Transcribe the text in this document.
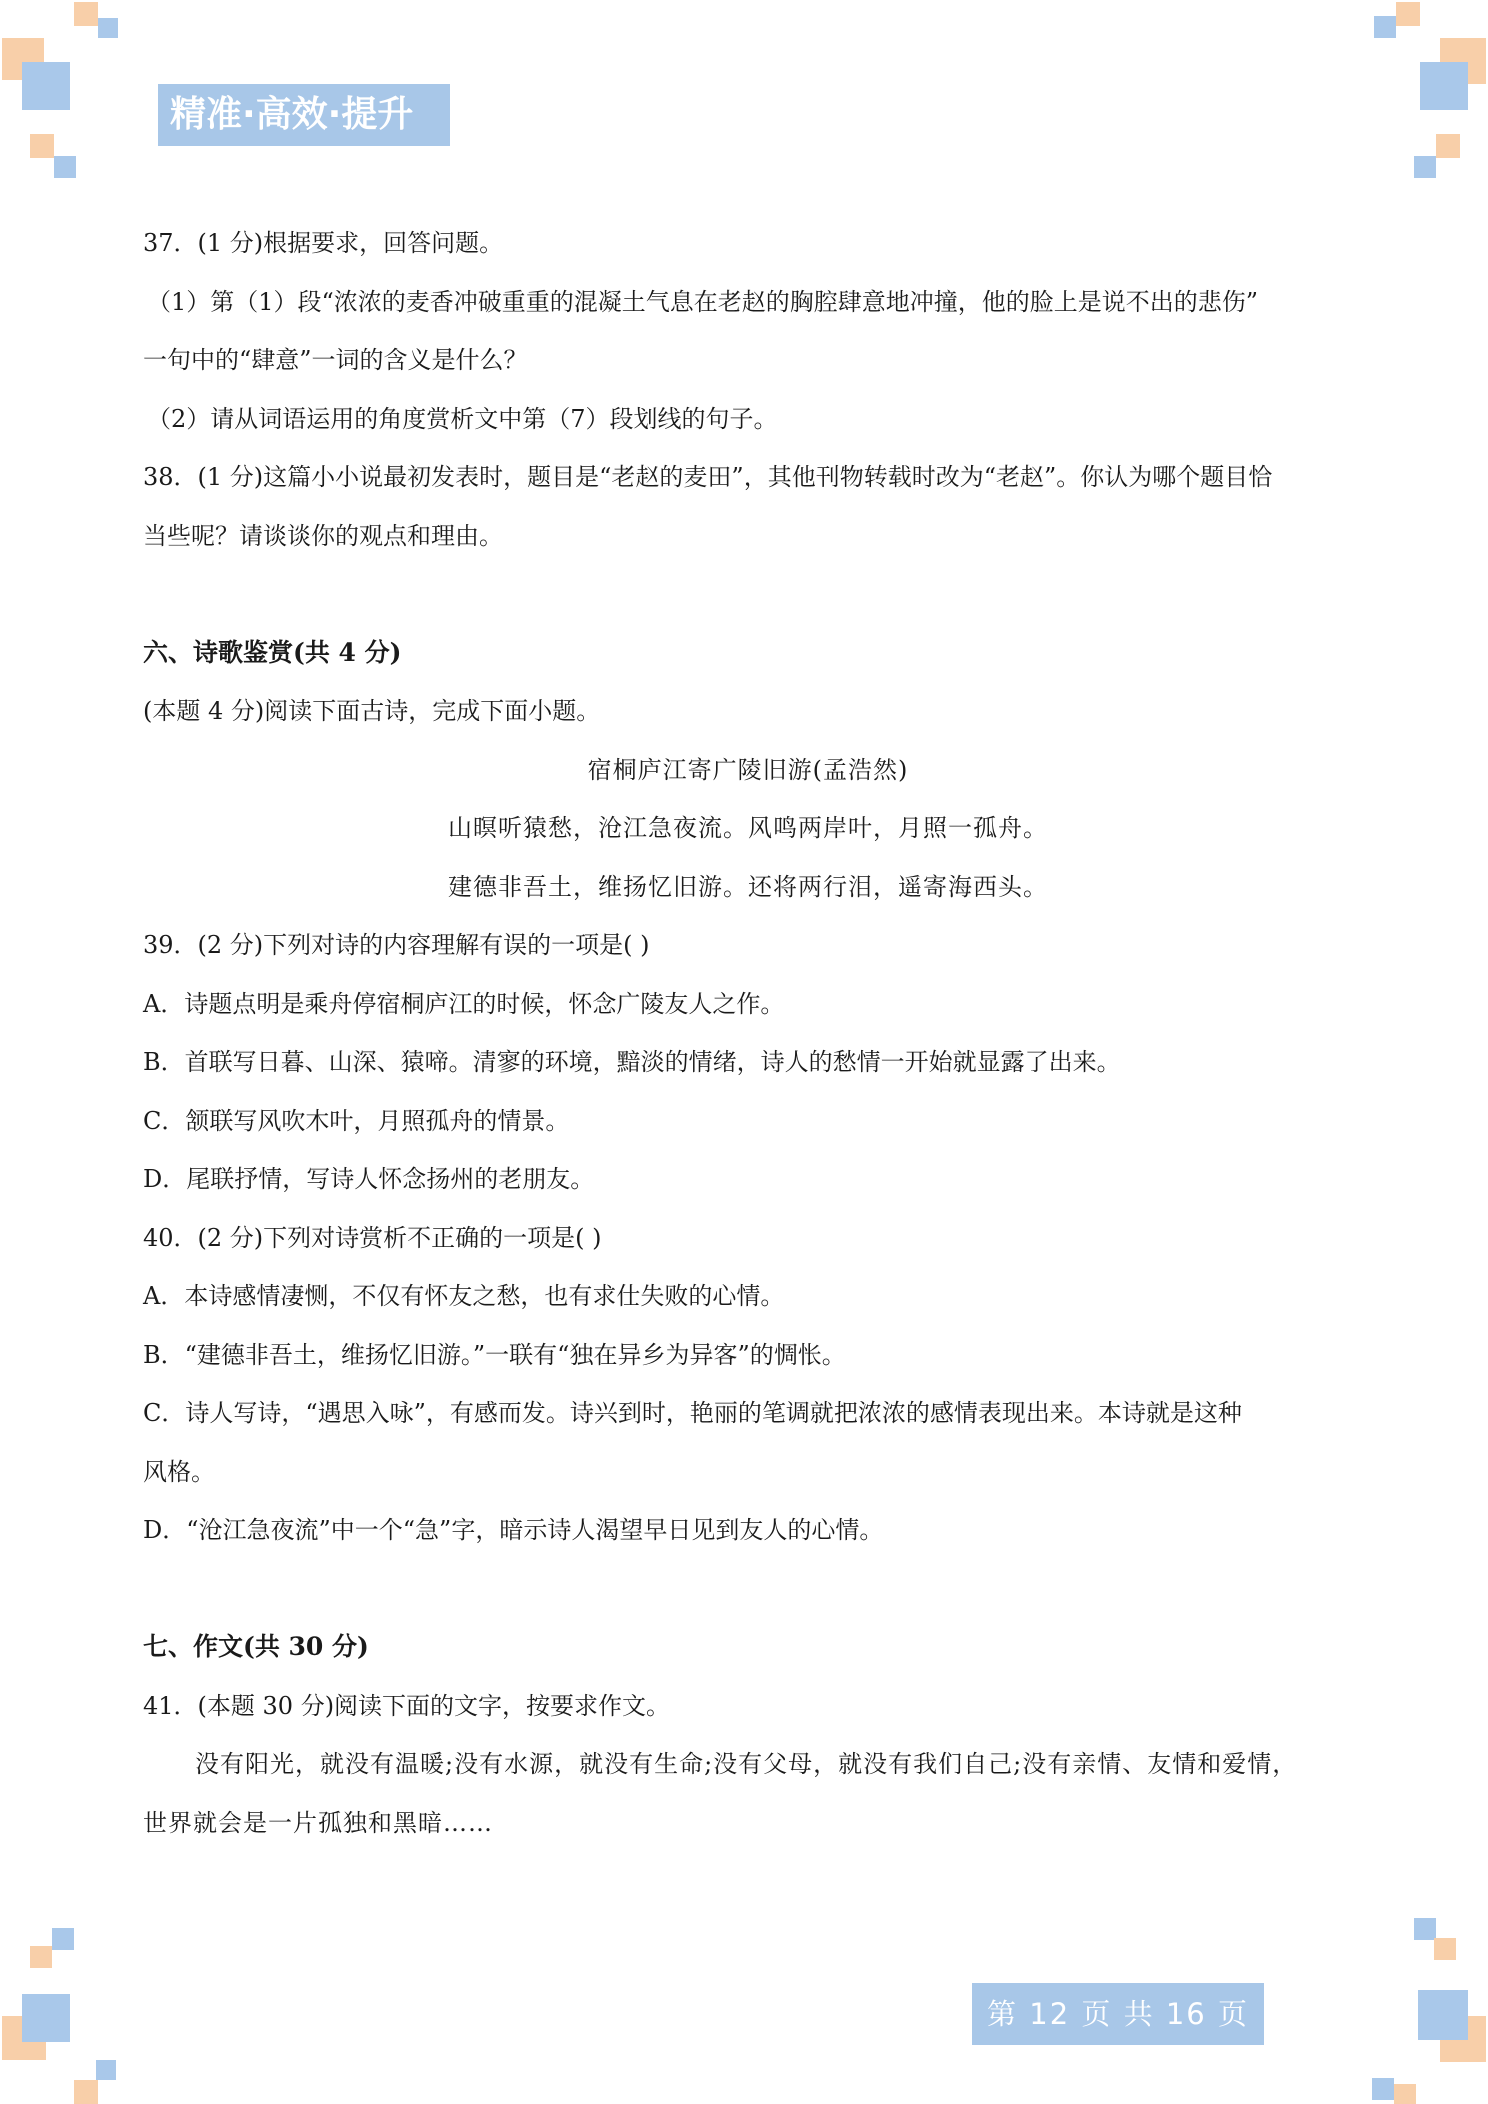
精准·高效·提升
37．(1 分)根据要求，回答问题。
（1）第（1）段“浓浓的麦香冲破重重的混凝土气息在老赵的胸腔肆意地冲撞，他的脸上是说不出的悲伤”
一句中的“肆意”一词的含义是什么？
（2）请从词语运用的角度赏析文中第（7）段划线的句子。
38．(1 分)这篇小小说最初发表时，题目是“老赵的麦田”，其他刊物转载时改为“老赵”。你认为哪个题目恰
当些呢？请谈谈你的观点和理由。
六、诗歌鉴赏(共 4 分)
(本题 4 分)阅读下面古诗，完成下面小题。
宿桐庐江寄广陵旧游(孟浩然)
山暝听猿愁，沧江急夜流。风鸣两岸叶，月照一孤舟。
建德非吾土，维扬忆旧游。还将两行泪，遥寄海西头。
39．(2 分)下列对诗的内容理解有误的一项是( )
A．诗题点明是乘舟停宿桐庐江的时候，怀念广陵友人之作。
B．首联写日暮、山深、猿啼。清寥的环境，黯淡的情绪，诗人的愁情一开始就显露了出来。
C．颔联写风吹木叶，月照孤舟的情景。
D．尾联抒情，写诗人怀念扬州的老朋友。
40．(2 分)下列对诗赏析不正确的一项是( )
A．本诗感情凄恻，不仅有怀友之愁，也有求仕失败的心情。
B．“建德非吾土，维扬忆旧游。”一联有“独在异乡为异客”的惆怅。
C．诗人写诗，“遇思入咏”，有感而发。诗兴到时，艳丽的笔调就把浓浓的感情表现出来。本诗就是这种
风格。
D．“沧江急夜流”中一个“急”字，暗示诗人渴望早日见到友人的心情。
七、作文(共 30 分)
41．(本题 30 分)阅读下面的文字，按要求作文。
没有阳光，就没有温暖;没有水源，就没有生命;没有父母，就没有我们自己;没有亲情、友情和爱情，
世界就会是一片孤独和黑暗……
第 12 页 共 16 页
